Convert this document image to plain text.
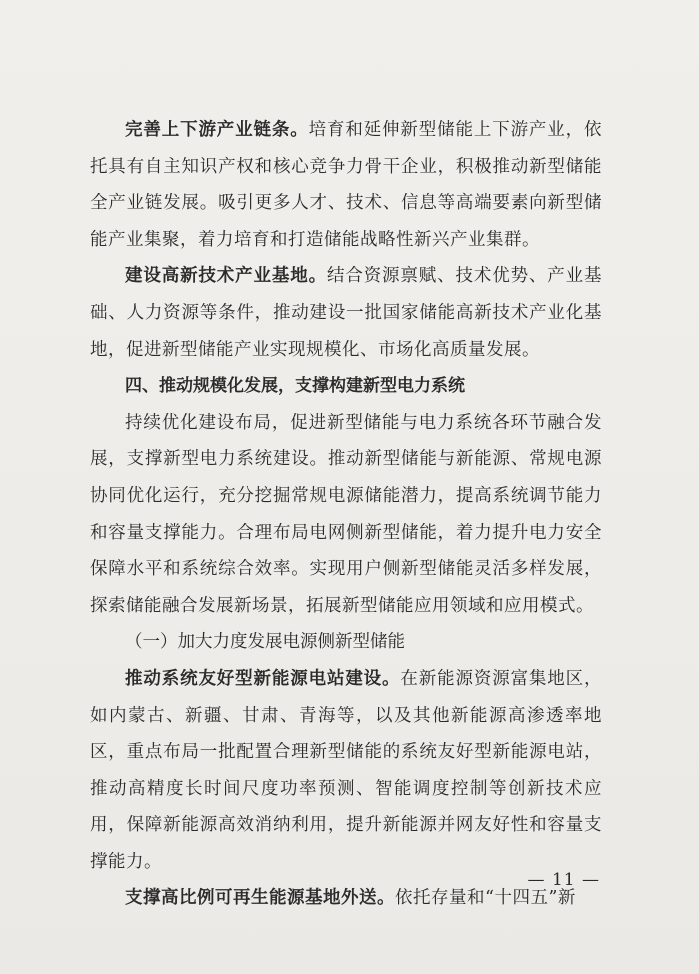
完善上下游产业链条。培育和延伸新型储能上下游产业，依托具有自主知识产权和核心竞争力骨干企业，积极推动新型储能全产业链发展。吸引更多人才、技术、信息等高端要素向新型储能产业集聚，着力培育和打造储能战略性新兴产业集群。

建设高新技术产业基地。结合资源禀赋、技术优势、产业基础、人力资源等条件，推动建设一批国家储能高新技术产业化基地，促进新型储能产业实现规模化、市场化高质量发展。

四、推动规模化发展，支撑构建新型电力系统

持续优化建设布局，促进新型储能与电力系统各环节融合发展，支撑新型电力系统建设。推动新型储能与新能源、常规电源协同优化运行，充分挖掘常规电源储能潜力，提高系统调节能力和容量支撑能力。合理布局电网侧新型储能，着力提升电力安全保障水平和系统综合效率。实现用户侧新型储能灵活多样发展，探索储能融合发展新场景，拓展新型储能应用领域和应用模式。

（一）加大力度发展电源侧新型储能

推动系统友好型新能源电站建设。在新能源资源富集地区，如内蒙古、新疆、甘肃、青海等，以及其他新能源高渗透率地区，重点布局一批配置合理新型储能的系统友好型新能源电站，推动高精度长时间尺度功率预测、智能调度控制等创新技术应用，保障新能源高效消纳利用，提升新能源并网友好性和容量支撑能力。

支撑高比例可再生能源基地外送。依托存量和“十四五”新

— 11 —
